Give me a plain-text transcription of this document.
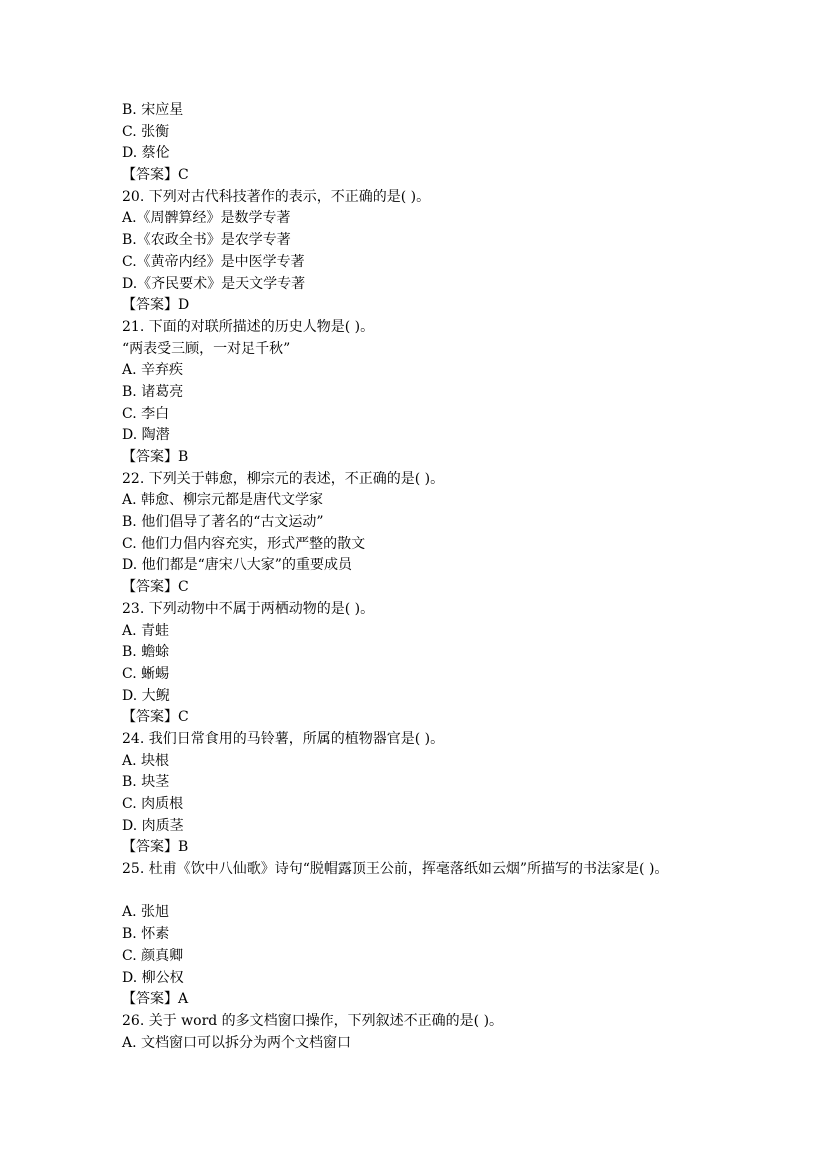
B. 宋应星
C. 张衡
D. 蔡伦
【答案】C
20. 下列对古代科技著作的表示，不正确的是( )。
A.《周髀算经》是数学专著
B.《农政全书》是农学专著
C.《黄帝内经》是中医学专著
D.《齐民要术》是天文学专著
【答案】D
21. 下面的对联所描述的历史人物是( )。
“两表受三顾，一对足千秋”
A. 辛弃疾
B. 诸葛亮
C. 李白
D. 陶潜
【答案】B
22. 下列关于韩愈，柳宗元的表述，不正确的是( )。
A. 韩愈、柳宗元都是唐代文学家
B. 他们倡导了著名的“古文运动”
C. 他们力倡内容充实，形式严整的散文
D. 他们都是“唐宋八大家”的重要成员
【答案】C
23. 下列动物中不属于两栖动物的是( )。
A. 青蛙
B. 蟾蜍
C. 蜥蜴
D. 大鲵
【答案】C
24. 我们日常食用的马铃薯，所属的植物器官是( )。
A. 块根
B. 块茎
C. 肉质根
D. 肉质茎
【答案】B
25. 杜甫《饮中八仙歌》诗句“脱帽露顶王公前，挥毫落纸如云烟”所描写的书法家是( )。
A. 张旭
B. 怀素
C. 颜真卿
D. 柳公权
【答案】A
26. 关于 word 的多文档窗口操作，下列叙述不正确的是( )。
A. 文档窗口可以拆分为两个文档窗口
